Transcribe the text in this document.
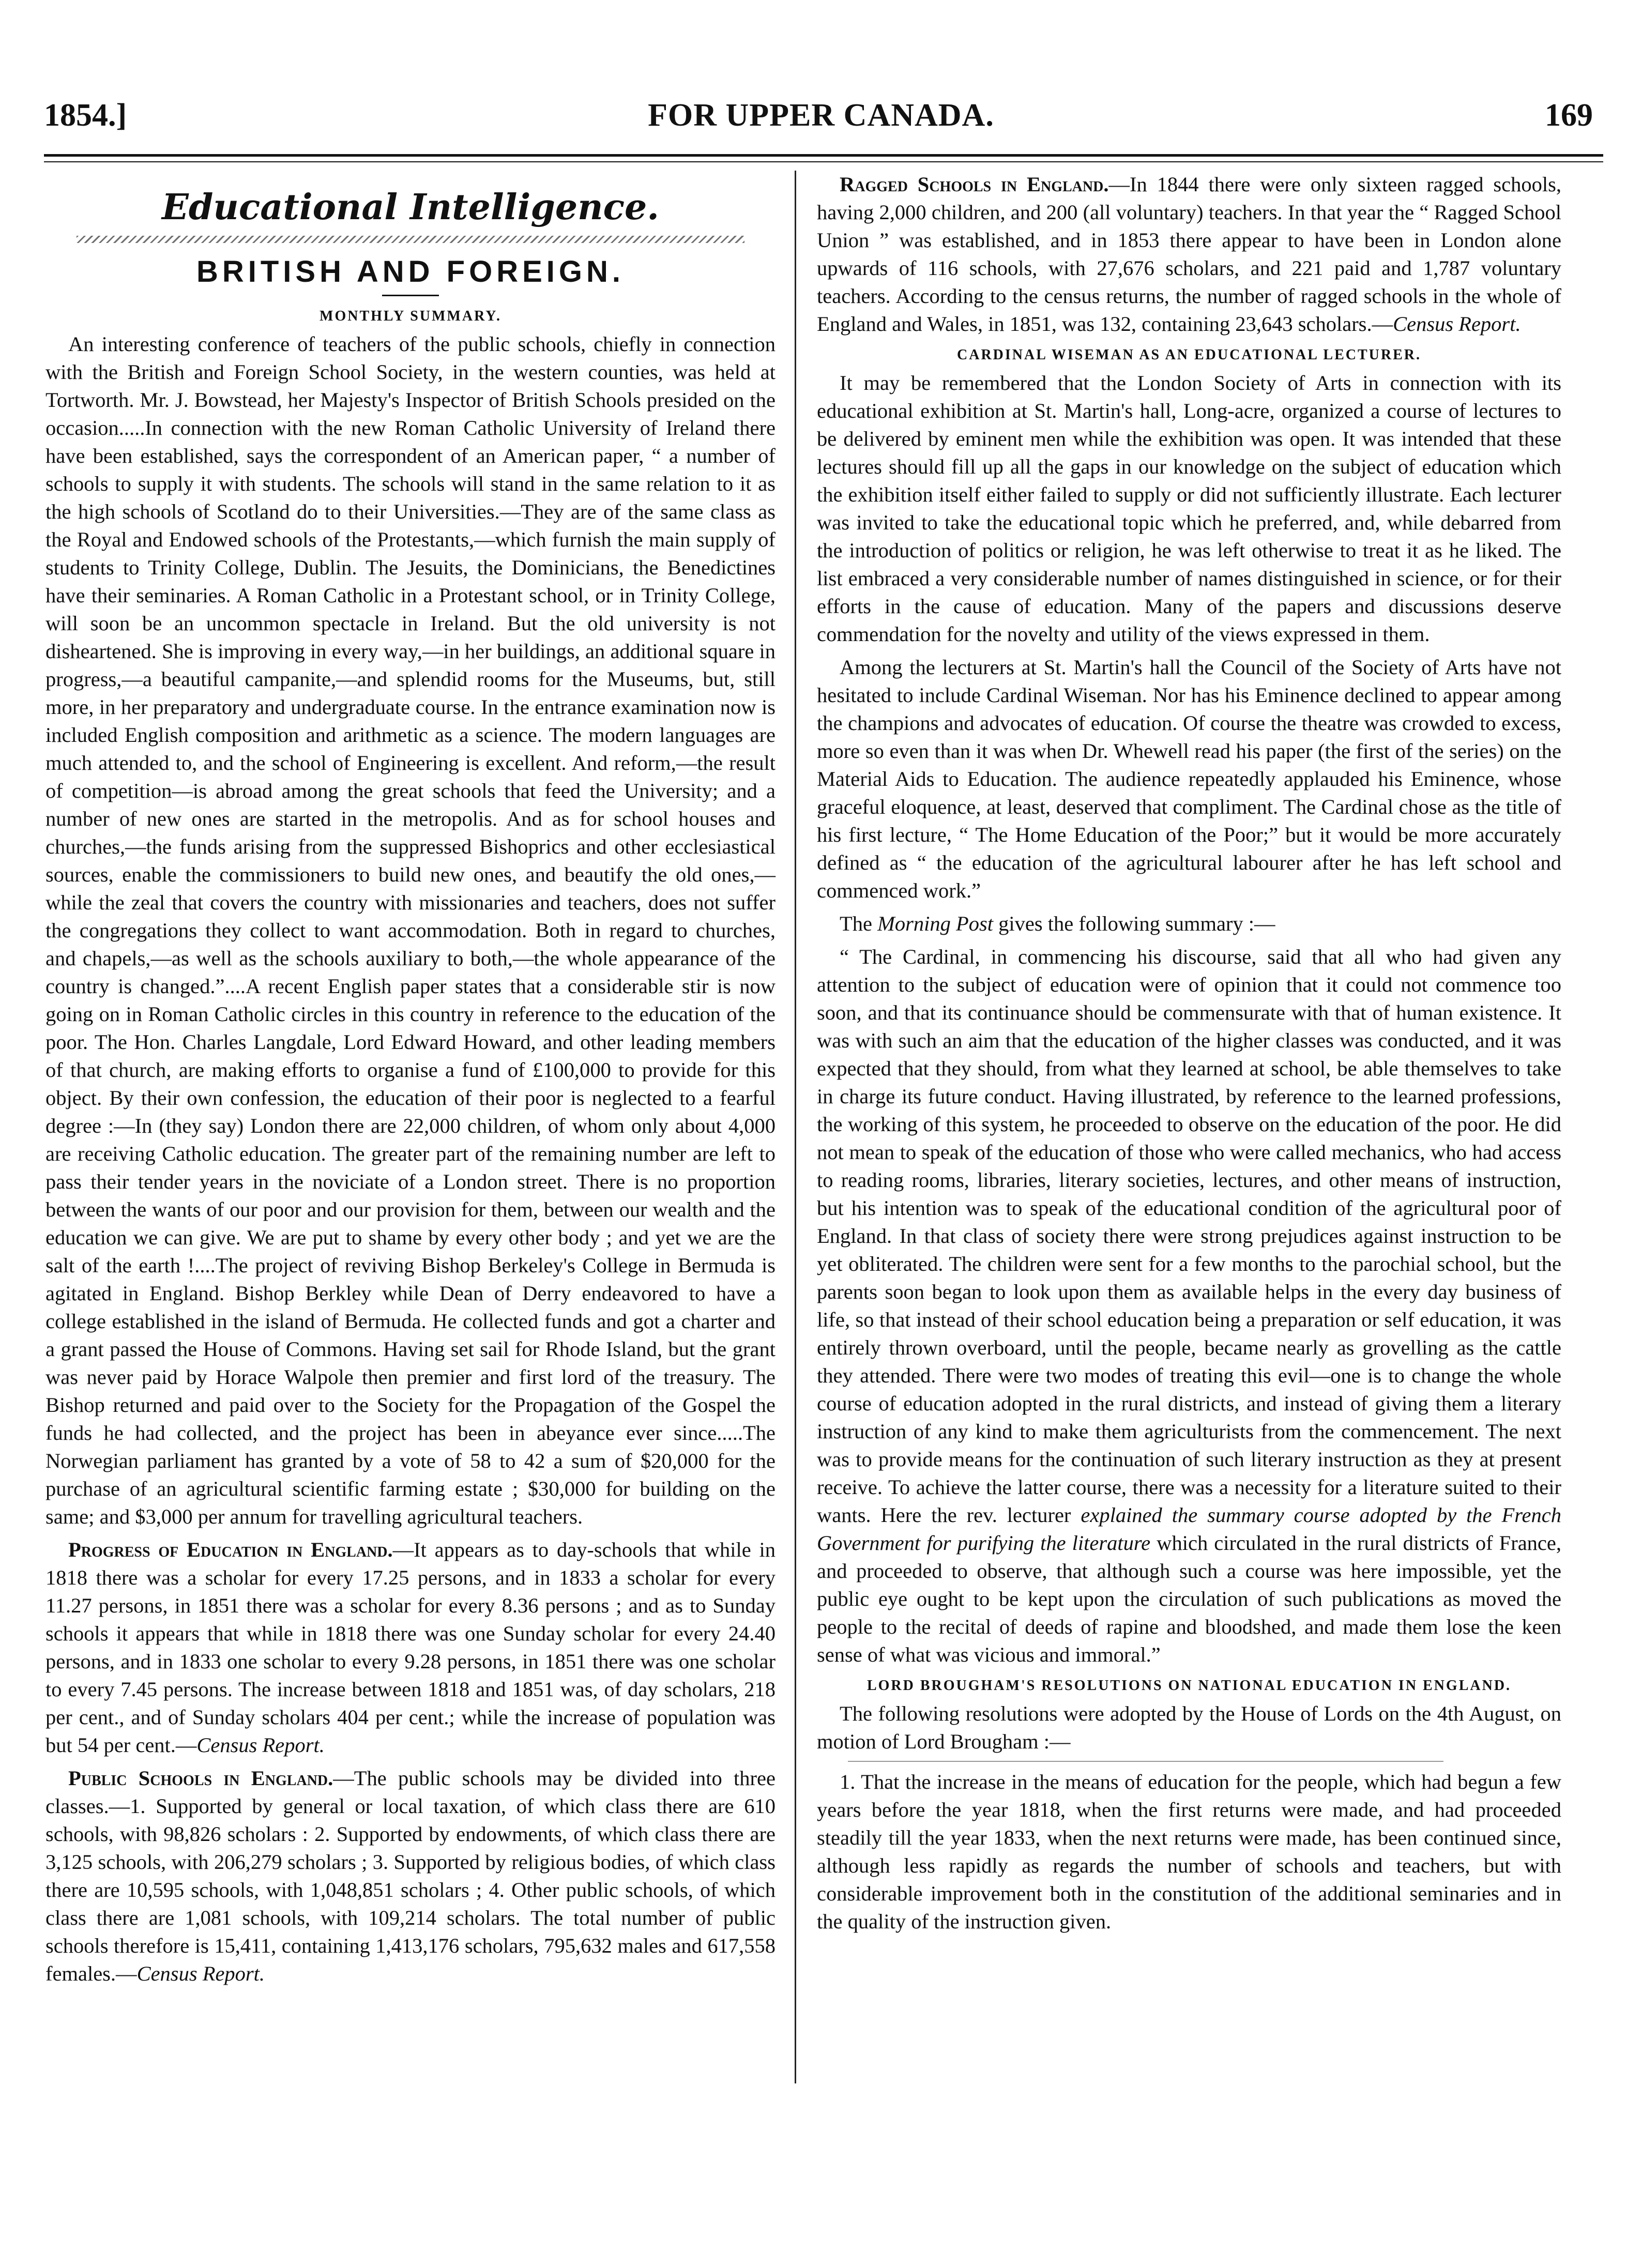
FOR UPPER CANADA.
1854.]	169
Educational Intelligence.
BRITISH AND FOREIGN.
MONTHLY SUMMARY.

An interesting conference of teachers of the public schools, chiefly in connection with the British and Foreign School Society, in the western counties, was held at Tortworth. Mr. J. Bowstead, her Majesty's Inspector of British Schools presided on the occasion.....In connection with the new Roman Catholic University of Ireland there have been established, says the correspondent of an American paper, “ a number of schools to supply it with students. The schools will stand in the same relation to it as the high schools of Scotland do to their Universities.—They are of the same class as the Royal and Endowed schools of the Protestants,—which furnish the main supply of students to Trinity College, Dublin. The Jesuits, the Dominicians, the Benedictines have their seminaries. A Roman Catholic in a Protestant school, or in Trinity College, will soon be an uncommon spectacle in Ireland. But the old university is not disheartened. She is improving in every way,—in her buildings, an additional square in progress,—a beautiful campanite,—and splendid rooms for the Museums, but, still more, in her preparatory and undergraduate course. In the entrance examination now is included English composition and arithmetic as a science. The modern languages are much attended to, and the school of Engineering is excellent. And reform,—the result of competition—is abroad among the great schools that feed the University; and a number of new ones are started in the metropolis. And as for school houses and churches,—the funds arising from the suppressed Bishoprics and other ecclesiastical sources, enable the commissioners to build new ones, and beautify the old ones,—while the zeal that covers the country with missionaries and teachers, does not suffer the congregations they collect to want accommodation. Both in regard to churches, and chapels,—as well as the schools auxiliary to both,—the whole appearance of the country is changed.”....A recent English paper states that a considerable stir is now going on in Roman Catholic circles in this country in reference to the education of the poor. The Hon. Charles Langdale, Lord Edward Howard, and other leading members of that church, are making efforts to organise a fund of £100,000 to provide for this object. By their own confession, the education of their poor is neglected to a fearful degree :—In (they say) London there are 22,000 children, of whom only about 4,000 are receiving Catholic education. The greater part of the remaining number are left to pass their tender years in the noviciate of a London street. There is no proportion between the wants of our poor and our provision for them, between our wealth and the education we can give. We are put to shame by every other body ; and yet we are the salt of the earth !....The project of reviving Bishop Berkeley's College in Bermuda is agitated in England. Bishop Berkley while Dean of Derry endeavored to have a college established in the island of Bermuda. He collected funds and got a charter and a grant passed the House of Commons. Having set sail for Rhode Island, but the grant was never paid by Horace Walpole then premier and first lord of the treasury. The Bishop returned and paid over to the Society for the Propagation of the Gospel the funds he had collected, and the project has been in abeyance ever since.....The Norwegian parliament has granted by a vote of 58 to 42 a sum of $20,000 for the purchase of an agricultural scientific farming estate ; $30,000 for building on the same; and $3,000 per annum for travelling agricultural teachers.

Progress of Education in England.—It appears as to day-schools that while in 1818 there was a scholar for every 17.25 persons, and in 1833 a scholar for every 11.27 persons, in 1851 there was a scholar for every 8.36 persons ; and as to Sunday schools it appears that while in 1818 there was one Sunday scholar for every 24.40 persons, and in 1833 one scholar to every 9.28 persons, in 1851 there was one scholar to every 7.45 persons. The increase between 1818 and 1851 was, of day scholars, 218 per cent., and of Sunday scholars 404 per cent.; while the increase of population was but 54 per cent.—Census Report.

Public Schools in England.—The public schools may be divided into three classes.—1. Supported by general or local taxation, of which class there are 610 schools, with 98,826 scholars : 2. Supported by endowments, of which class there are 3,125 schools, with 206,279 scholars ; 3. Supported by religious bodies, of which class there are 10,595 schools, with 1,048,851 scholars ; 4. Other public schools, of which class there are 1,081 schools, with 109,214 scholars. The total number of public schools therefore is 15,411, containing 1,413,176 scholars, 795,632 males and 617,558 females.—Census Report.

Ragged Schools in England.—In 1844 there were only sixteen ragged schools, having 2,000 children, and 200 (all voluntary) teachers. In that year the “ Ragged School Union ” was established, and in 1853 there appear to have been in London alone upwards of 116 schools, with 27,676 scholars, and 221 paid and 1,787 voluntary teachers. According to the census returns, the number of ragged schools in the whole of England and Wales, in 1851, was 132, containing 23,643 scholars.—Census Report.

CARDINAL WISEMAN AS AN EDUCATIONAL LECTURER.

It may be remembered that the London Society of Arts in connection with its educational exhibition at St. Martin's hall, Long-acre, organized a course of lectures to be delivered by eminent men while the exhibition was open. It was intended that these lectures should fill up all the gaps in our knowledge on the subject of education which the exhibition itself either failed to supply or did not sufficiently illustrate. Each lecturer was invited to take the educational topic which he preferred, and, while debarred from the introduction of politics or religion, he was left otherwise to treat it as he liked. The list embraced a very considerable number of names distinguished in science, or for their efforts in the cause of education. Many of the papers and discussions deserve commendation for the novelty and utility of the views expressed in them.

Among the lecturers at St. Martin's hall the Council of the Society of Arts have not hesitated to include Cardinal Wiseman. Nor has his Eminence declined to appear among the champions and advocates of education. Of course the theatre was crowded to excess, more so even than it was when Dr. Whewell read his paper (the first of the series) on the Material Aids to Education. The audience repeatedly applauded his Eminence, whose graceful eloquence, at least, deserved that compliment. The Cardinal chose as the title of his first lecture, “ The Home Education of the Poor;” but it would be more accurately defined as “ the education of the agricultural labourer after he has left school and commenced work.”

The Morning Post gives the following summary :—

“ The Cardinal, in commencing his discourse, said that all who had given any attention to the subject of education were of opinion that it could not commence too soon, and that its continuance should be commensurate with that of human existence. It was with such an aim that the education of the higher classes was conducted, and it was expected that they should, from what they learned at school, be able themselves to take in charge its future conduct. Having illustrated, by reference to the learned professions, the working of this system, he proceeded to observe on the education of the poor. He did not mean to speak of the education of those who were called mechanics, who had access to reading rooms, libraries, literary societies, lectures, and other means of instruction, but his intention was to speak of the educational condition of the agricultural poor of England. In that class of society there were strong prejudices against instruction to be yet obliterated. The children were sent for a few months to the parochial school, but the parents soon began to look upon them as available helps in the every day business of life, so that instead of their school education being a preparation or self education, it was entirely thrown overboard, until the people, became nearly as grovelling as the cattle they attended. There were two modes of treating this evil—one is to change the whole course of education adopted in the rural districts, and instead of giving them a literary instruction of any kind to make them agriculturists from the commencement. The next was to provide means for the continuation of such literary instruction as they at present receive. To achieve the latter course, there was a necessity for a literature suited to their wants. Here the rev. lecturer explained the summary course adopted by the French Government for purifying the literature which circulated in the rural districts of France, and proceeded to observe, that although such a course was here impossible, yet the public eye ought to be kept upon the circulation of such publications as moved the people to the recital of deeds of rapine and bloodshed, and made them lose the keen sense of what was vicious and immoral.”

LORD BROUGHAM'S RESOLUTIONS ON NATIONAL EDUCATION IN ENGLAND.

The following resolutions were adopted by the House of Lords on the 4th August, on motion of Lord Brougham :—

1. That the increase in the means of education for the people, which had begun a few years before the year 1818, when the first returns were made, and had proceeded steadily till the year 1833, when the next returns were made, has been continued since, although less rapidly as regards the number of schools and teachers, but with considerable improvement both in the constitution of the additional seminaries and in the quality of the instruction given.
